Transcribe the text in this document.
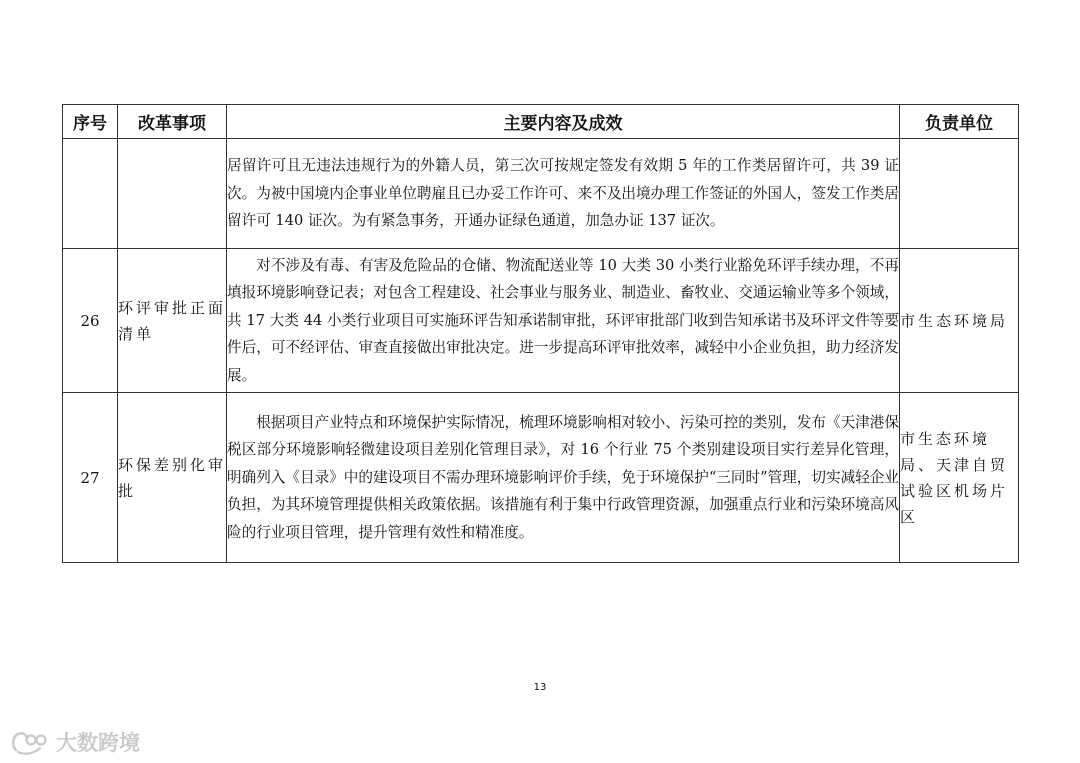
序号	改革事项	主要内容及成效	负责单位

		居留许可且无违法违规行为的外籍人员，第三次可按规定签发有效期 5 年的工作类居留许可，共 39 证次。为被中国境内企事业单位聘雇且已办妥工作许可、来不及出境办理工作签证的外国人，签发工作类居留许可 140 证次。为有紧急事务，开通办证绿色通道，加急办证 137 证次。	

26	环评审批正面清单	对不涉及有毒、有害及危险品的仓储、物流配送业等 10 大类 30 小类行业豁免环评手续办理，不再填报环境影响登记表；对包含工程建设、社会事业与服务业、制造业、畜牧业、交通运输业等多个领域，共 17 大类 44 小类行业项目可实施环评告知承诺制审批，环评审批部门收到告知承诺书及环评文件等要件后，可不经评估、审查直接做出审批决定。进一步提高环评审批效率，减轻中小企业负担，助力经济发展。	市生态环境局
27	环保差别化审批	根据项目产业特点和环境保护实际情况，梳理环境影响相对较小、污染可控的类别，发布《天津港保税区部分环境影响轻微建设项目差别化管理目录》，对 16 个行业 75 个类别建设项目实行差异化管理，明确列入《目录》中的建设项目不需办理环境影响评价手续，免于环境保护“三同时”管理，切实减轻企业负担，为其环境管理提供相关政策依据。该措施有利于集中行政管理资源，加强重点行业和污染环境高风险的行业项目管理，提升管理有效性和精准度。	市生态环境局、天津自贸试验区机场片区
13
大数跨境
